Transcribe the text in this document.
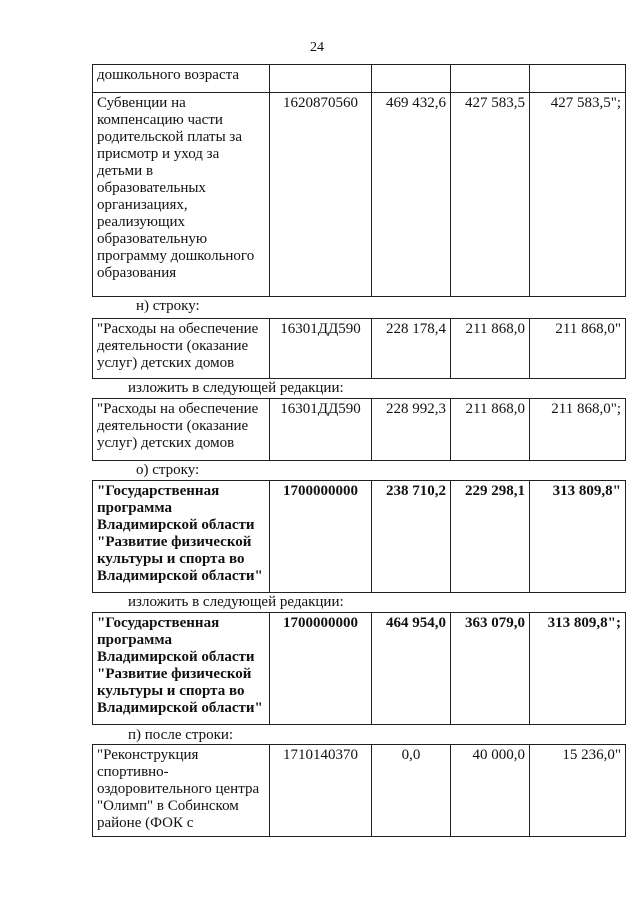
24
дошкольного возраста				
Субвенции на компенсацию части родительской платы за присмотр и уход за детьми в образовательных организациях, реализующих образовательную программу дошкольного образования	1620870560	469 432,6	427 583,5	427 583,5";
н) строку:
"Расходы на обеспечение деятельности (оказание услуг) детских домов	16301ДД590	228 178,4	211 868,0	211 868,0"
изложить в следующей редакции:
"Расходы на обеспечение деятельности (оказание услуг) детских домов	16301ДД590	228 992,3	211 868,0	211 868,0";
о) строку:
"Государственная программа Владимирской области "Развитие физической культуры и спорта во Владимирской области"	1700000000	238 710,2	229 298,1	313 809,8"
изложить в следующей редакции:
"Государственная программа Владимирской области "Развитие физической культуры и спорта во Владимирской области"	1700000000	464 954,0	363 079,0	313 809,8";
п) после строки:
"Реконструкция спортивно-оздоровительного центра "Олимп" в Собинском районе (ФОК с	1710140370	0,0	40 000,0	15 236,0"
